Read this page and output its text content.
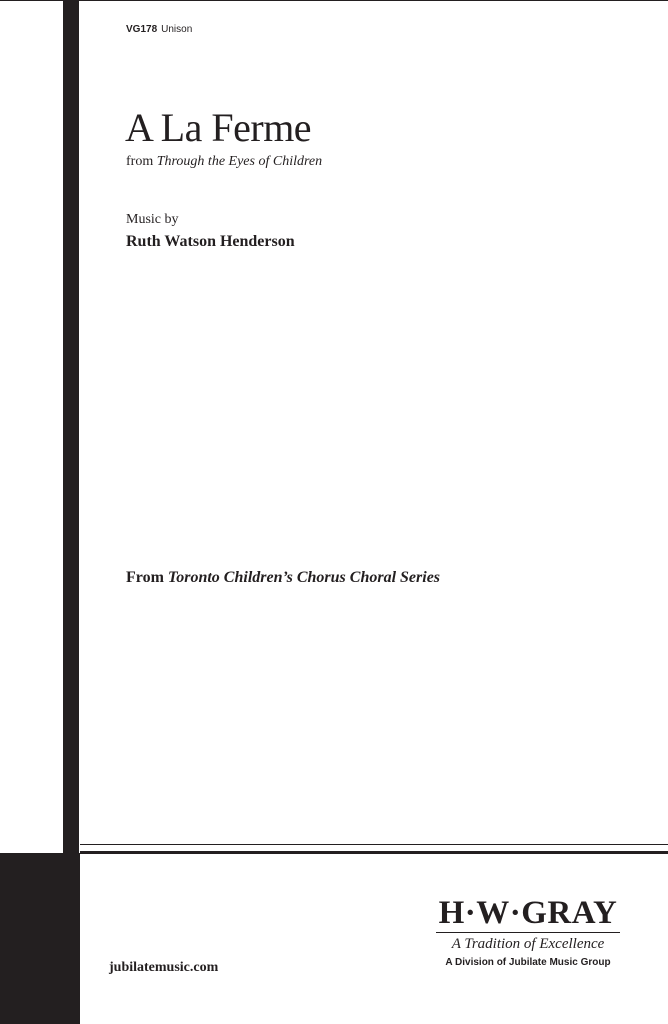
VG178 Unison
A La Ferme
from Through the Eyes of Children
Music by
Ruth Watson Henderson
From Toronto Children’s Chorus Choral Series
jubilatemusic.com
H·W·GRAY
A Tradition of Excellence
A Division of Jubilate Music Group
